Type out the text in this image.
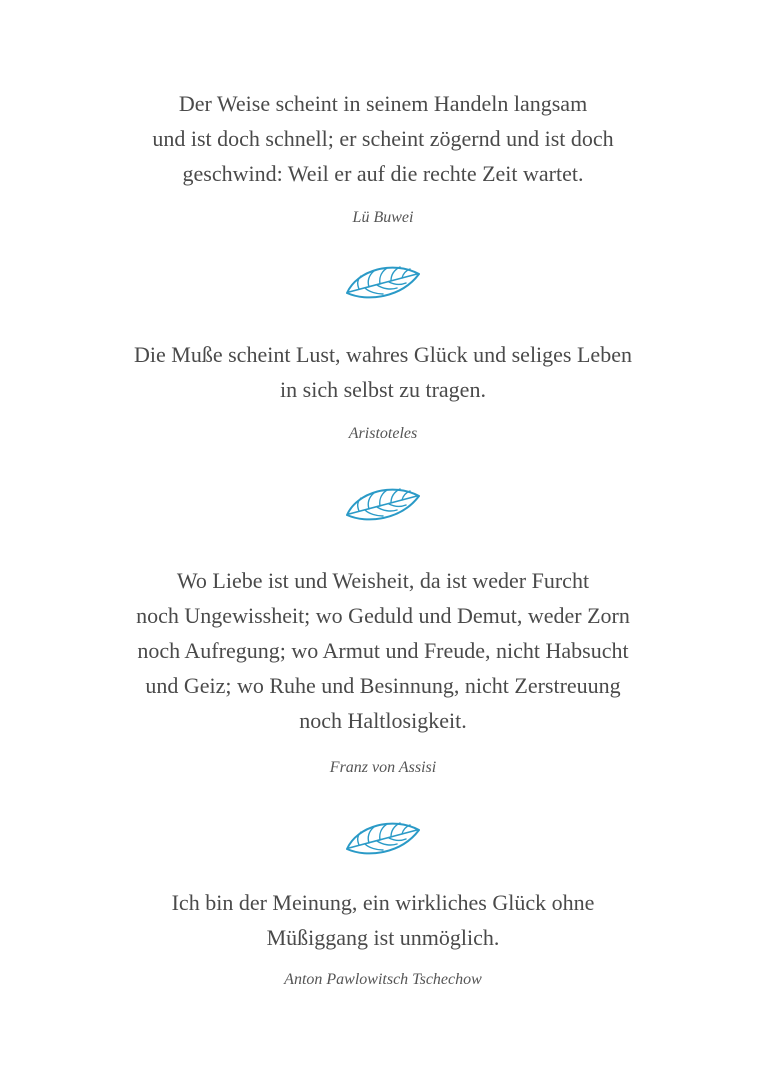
Der Weise scheint in seinem Handeln langsam
und ist doch schnell; er scheint zögernd und ist doch
geschwind: Weil er auf die rechte Zeit wartet.

Lü Buwei

Die Muße scheint Lust, wahres Glück und seliges Leben
in sich selbst zu tragen.

Aristoteles

Wo Liebe ist und Weisheit, da ist weder Furcht
noch Ungewissheit; wo Geduld und Demut, weder Zorn
noch Aufregung; wo Armut und Freude, nicht Habsucht
und Geiz; wo Ruhe und Besinnung, nicht Zerstreuung
noch Haltlosigkeit.

Franz von Assisi

Ich bin der Meinung, ein wirkliches Glück ohne
Müßiggang ist unmöglich.

Anton Pawlowitsch Tschechow
